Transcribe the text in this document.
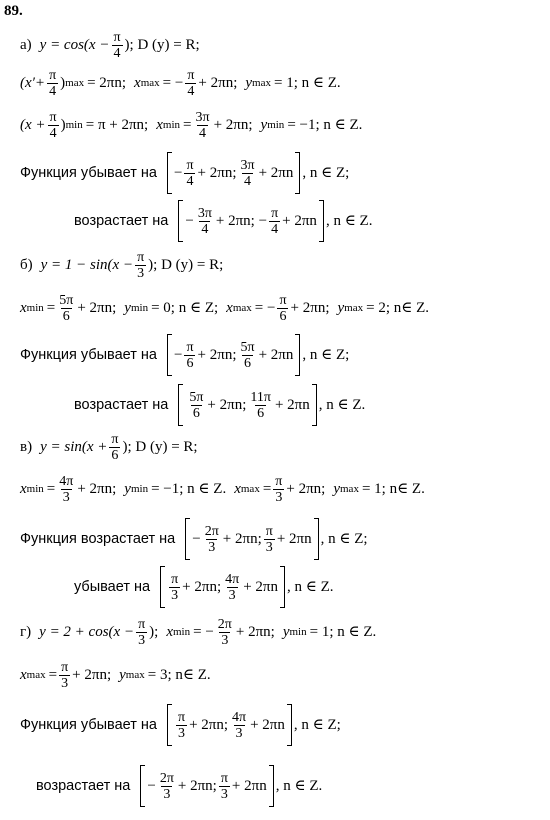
89.
а) $y = \cos(x - \frac{\pi}{4}$ ); D (y) = R;
($x'+ \frac{\pi}{4}$ ) max = 2πn; x max = − $\frac{\pi}{4} + 2\pi n$; y max = 1; n ∈ Z.
($x + \frac{\pi}{4}$ ) min = π + 2πn; x $\min = \frac{3\pi}{4} + 2\pi n$; y min = −1; n ∈ Z.
Функция убывает на − $\frac{\pi}{4} + 2\pi n$; $\frac{3\pi}{4} + 2\pi n$ , n ∈ Z;
возрастает на − $\frac{3\pi}{4} + 2\pi n$; − $\frac{\pi}{4} + 2\pi n$ , n ∈ Z.
б) $y = 1 - \sin(x - \frac{\pi}{3}$ ); D (y) = R;
x $\min = \frac{5\pi}{6} + 2\pi n$; y min = 0; n ∈ Z; x max = − $\frac{\pi}{6} + 2\pi n$; y max = 2; n∈ Z.
Функция убывает на − $\frac{\pi}{6} + 2\pi n$; $\frac{5\pi}{6} + 2\pi n$ , n ∈ Z;
возрастает на $\frac{5\pi}{6} + 2\pi n$; $\frac{11\pi}{6} + 2\pi n$ , n ∈ Z.
в) $y = \sin(x + \frac{\pi}{6}$ ); D (y) = R;
x $\min = \frac{4\pi}{3} + 2\pi n$; y min = −1; n ∈ Z. x $\max = \frac{\pi}{3} + 2\pi n$; y max = 1; n∈ Z.
Функция возрастает на − $\frac{2\pi}{3} + 2\pi n$; $\frac{\pi}{3} + 2\pi n$ , n ∈ Z;
убывает на $\frac{\pi}{3} + 2\pi n$; $\frac{4\pi}{3} + 2\pi n$ , n ∈ Z.
г) $y = 2 + \cos(x - \frac{\pi}{3}$ ); x min = − $\frac{2\pi}{3} + 2\pi n$; y min = 1; n ∈ Z.
x $\max = \frac{\pi}{3} + 2\pi n$; y max = 3; n∈ Z.
Функция убывает на $\frac{\pi}{3} + 2\pi n$; $\frac{4\pi}{3} + 2\pi n$ , n ∈ Z;
возрастает на − $\frac{2\pi}{3} + 2\pi n$; $\frac{\pi}{3} + 2\pi n$ , n ∈ Z.
